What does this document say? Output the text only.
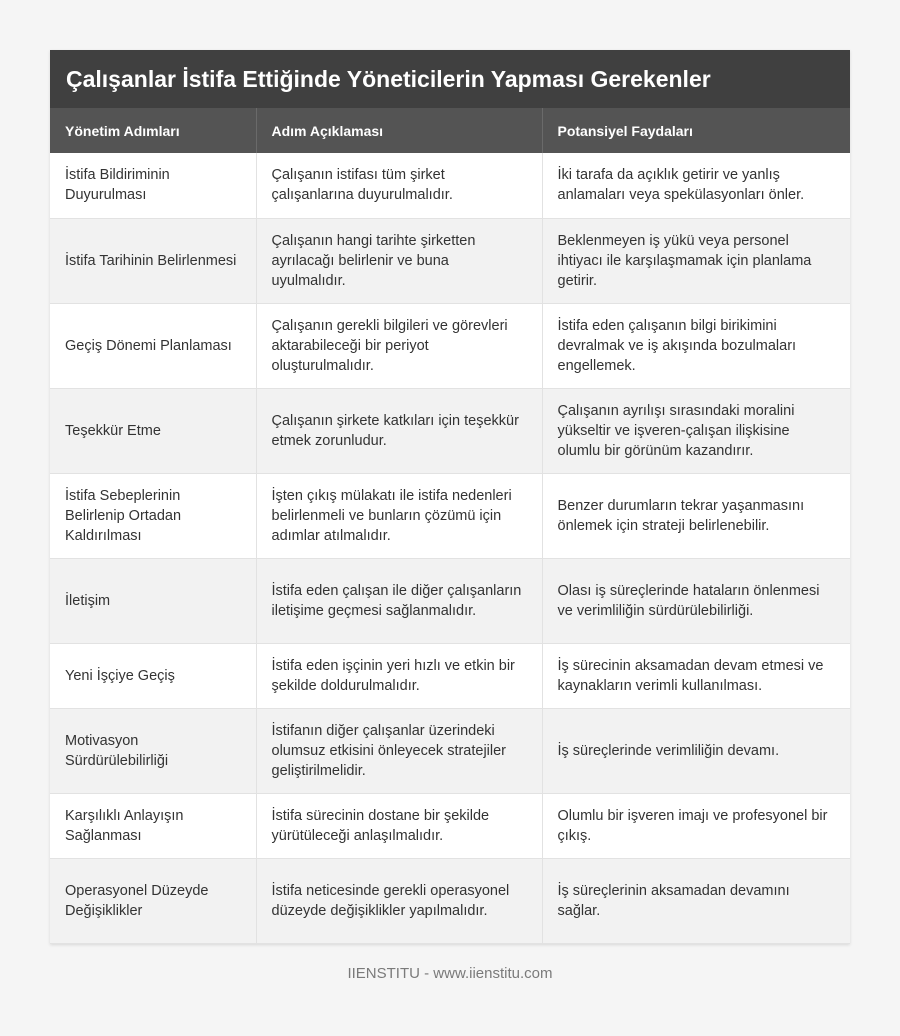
Çalışanlar İstifa Ettiğinde Yöneticilerin Yapması Gerekenler
Yönetim Adımları	Adım Açıklaması	Potansiyel Faydaları
İstifa Bildiriminin Duyurulması	Çalışanın istifası tüm şirket çalışanlarına duyurulmalıdır.	İki tarafa da açıklık getirir ve yanlış anlamaları veya spekülasyonları önler.
İstifa Tarihinin Belirlenmesi	Çalışanın hangi tarihte şirketten ayrılacağı belirlenir ve buna uyulmalıdır.	Beklenmeyen iş yükü veya personel ihtiyacı ile karşılaşmamak için planlama getirir.
Geçiş Dönemi Planlaması	Çalışanın gerekli bilgileri ve görevleri aktarabileceği bir periyot oluşturulmalıdır.	İstifa eden çalışanın bilgi birikimini devralmak ve iş akışında bozulmaları engellemek.
Teşekkür Etme	Çalışanın şirkete katkıları için teşekkür etmek zorunludur.	Çalışanın ayrılışı sırasındaki moralini yükseltir ve işveren-çalışan ilişkisine olumlu bir görünüm kazandırır.
İstifa Sebeplerinin Belirlenip Ortadan Kaldırılması	İşten çıkış mülakatı ile istifa nedenleri belirlenmeli ve bunların çözümü için adımlar atılmalıdır.	Benzer durumların tekrar yaşanmasını önlemek için strateji belirlenebilir.
İletişim	İstifa eden çalışan ile diğer çalışanların iletişime geçmesi sağlanmalıdır.	Olası iş süreçlerinde hataların önlenmesi ve verimliliğin sürdürülebilirliği.
Yeni İşçiye Geçiş	İstifa eden işçinin yeri hızlı ve etkin bir şekilde doldurulmalıdır.	İş sürecinin aksamadan devam etmesi ve kaynakların verimli kullanılması.
Motivasyon Sürdürülebilirliği	İstifanın diğer çalışanlar üzerindeki olumsuz etkisini önleyecek stratejiler geliştirilmelidir.	İş süreçlerinde verimliliğin devamı.
Karşılıklı Anlayışın Sağlanması	İstifa sürecinin dostane bir şekilde yürütüleceği anlaşılmalıdır.	Olumlu bir işveren imajı ve profesyonel bir çıkış.
Operasyonel Düzeyde Değişiklikler	İstifa neticesinde gerekli operasyonel düzeyde değişiklikler yapılmalıdır.	İş süreçlerinin aksamadan devamını sağlar.
IIENSTITU - www.iienstitu.com
